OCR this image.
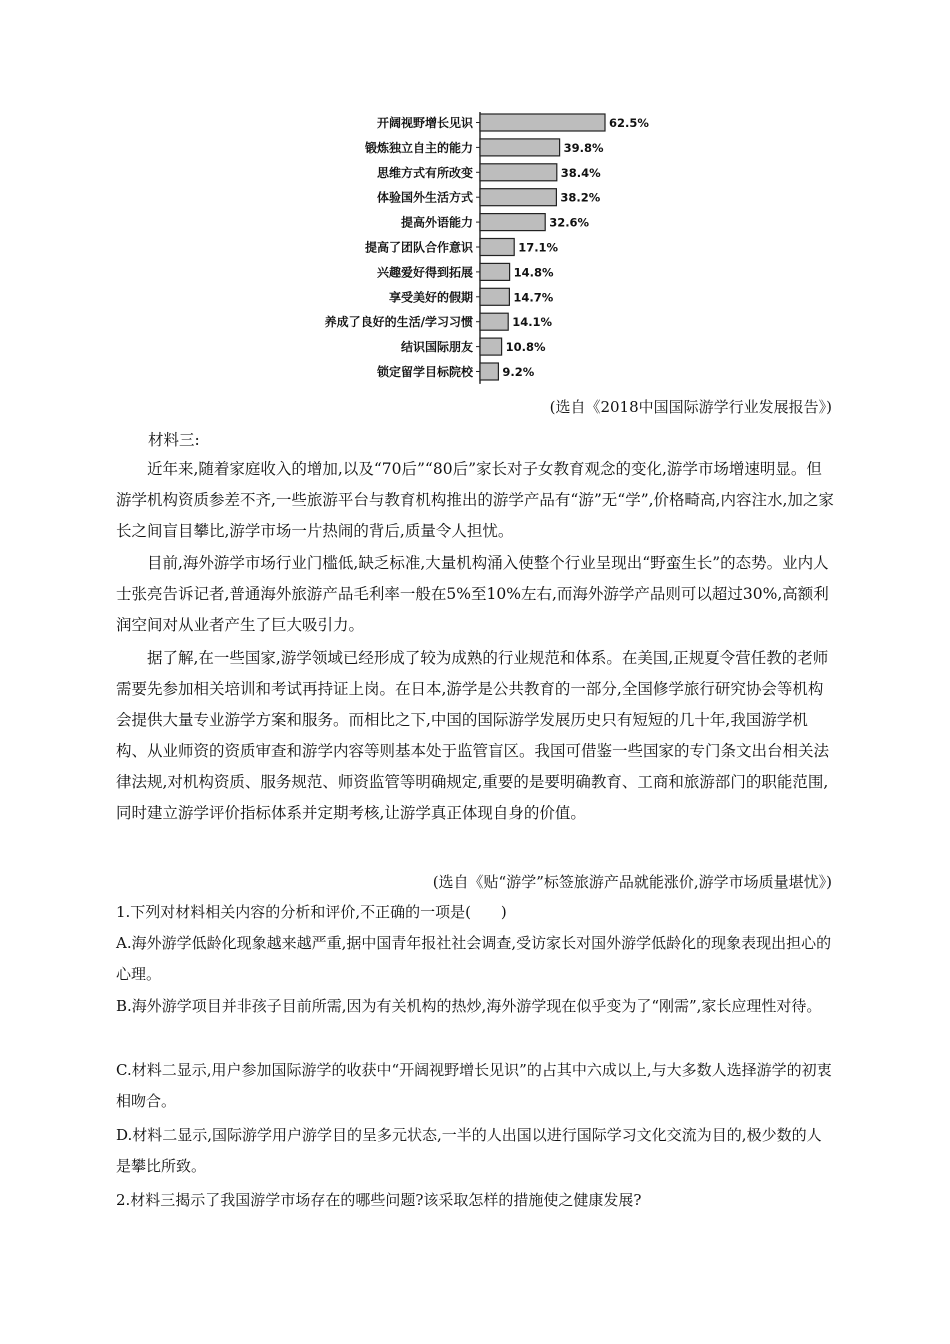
开阔视野增长见识	62.5%
锻炼独立自主的能力	39.8%
思维方式有所改变	38.4%
体验国外生活方式	38.2%
提高外语能力	32.6%
提高了团队合作意识	17.1%
兴趣爱好得到拓展	14.8%
享受美好的假期	14.7%
养成了良好的生活/学习习惯	14.1%
结识国际朋友	10.8%
锁定留学目标院校	9.2%
(选自《2018中国国际游学行业发展报告》)
材料三:

近年来,随着家庭收入的增加,以及“70后”“80后”家长对子女教育观念的变化,游学市场增速明显。但游学机构资质参差不齐,一些旅游平台与教育机构推出的游学产品有“游”无“学”,价格畸高,内容注水,加之家长之间盲目攀比,游学市场一片热闹的背后,质量令人担忧。

目前,海外游学市场行业门槛低,缺乏标准,大量机构涌入使整个行业呈现出“野蛮生长”的态势。业内人士张亮告诉记者,普通海外旅游产品毛利率一般在5%至10%左右,而海外游学产品则可以超过30%,高额利润空间对从业者产生了巨大吸引力。

据了解,在一些国家,游学领域已经形成了较为成熟的行业规范和体系。在美国,正规夏令营任教的老师需要先参加相关培训和考试再持证上岗。在日本,游学是公共教育的一部分,全国修学旅行研究协会等机构会提供大量专业游学方案和服务。而相比之下,中国的国际游学发展历史只有短短的几十年,我国游学机构、从业师资的资质审查和游学内容等则基本处于监管盲区。我国可借鉴一些国家的专门条文出台相关法律法规,对机构资质、服务规范、师资监管等明确规定,重要的是要明确教育、工商和旅游部门的职能范围,同时建立游学评价指标体系并定期考核,让游学真正体现自身的价值。

(选自《贴“游学”标签旅游产品就能涨价,游学市场质量堪忧》)

1.下列对材料相关内容的分析和评价,不正确的一项是(　　)

A.海外游学低龄化现象越来越严重,据中国青年报社社会调查,受访家长对国外游学低龄化的现象表现出担心的心理。

B.海外游学项目并非孩子目前所需,因为有关机构的热炒,海外游学现在似乎变为了“刚需”,家长应理性对待。

C.材料二显示,用户参加国际游学的收获中“开阔视野增长见识”的占其中六成以上,与大多数人选择游学的初衷相吻合。

D.材料二显示,国际游学用户游学目的呈多元状态,一半的人出国以进行国际学习文化交流为目的,极少数的人是攀比所致。

2.材料三揭示了我国游学市场存在的哪些问题?该采取怎样的措施使之健康发展?
